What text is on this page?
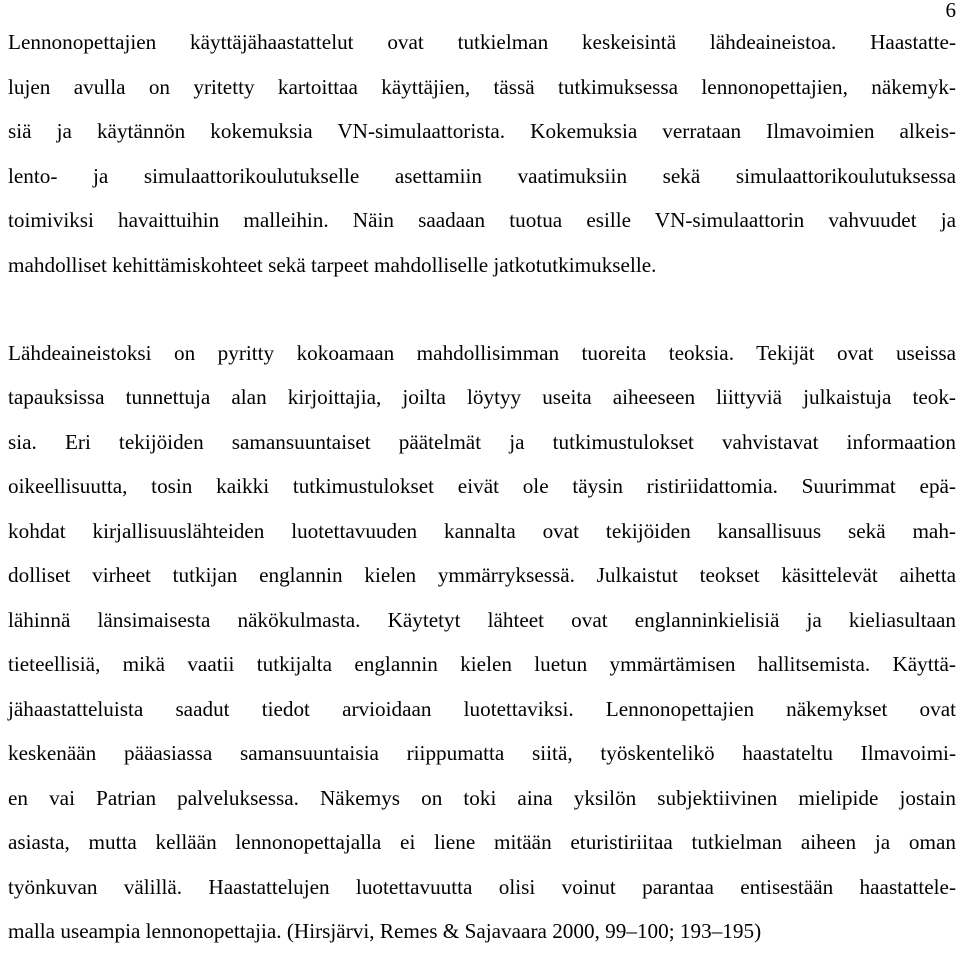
6
Lennonopettajien käyttäjähaastattelut ovat tutkielman keskeisintä lähdeaineistoa. Haastatte-
lujen avulla on yritetty kartoittaa käyttäjien, tässä tutkimuksessa lennonopettajien, näkemyk-
siä ja käytännön kokemuksia VN-simulaattorista. Kokemuksia verrataan Ilmavoimien alkeis-
lento- ja simulaattorikoulutukselle asettamiin vaatimuksiin sekä simulaattorikoulutuksessa
toimiviksi havaittuihin malleihin. Näin saadaan tuotua esille VN-simulaattorin vahvuudet ja
mahdolliset kehittämiskohteet sekä tarpeet mahdolliselle jatkotutkimukselle.
Lähdeaineistoksi on pyritty kokoamaan mahdollisimman tuoreita teoksia. Tekijät ovat useissa
tapauksissa tunnettuja alan kirjoittajia, joilta löytyy useita aiheeseen liittyviä julkaistuja teok-
sia. Eri tekijöiden samansuuntaiset päätelmät ja tutkimustulokset vahvistavat informaation
oikeellisuutta, tosin kaikki tutkimustulokset eivät ole täysin ristiriidattomia. Suurimmat epä-
kohdat kirjallisuuslähteiden luotettavuuden kannalta ovat tekijöiden kansallisuus sekä mah-
dolliset virheet tutkijan englannin kielen ymmärryksessä. Julkaistut teokset käsittelevät aihetta
lähinnä länsimaisesta näkökulmasta. Käytetyt lähteet ovat englanninkielisiä ja kieliasultaan
tieteellisiä, mikä vaatii tutkijalta englannin kielen luetun ymmärtämisen hallitsemista. Käyttä-
jähaastatteluista saadut tiedot arvioidaan luotettaviksi. Lennonopettajien näkemykset ovat
keskenään pääasiassa samansuuntaisia riippumatta siitä, työskentelikö haastateltu Ilmavoimi-
en vai Patrian palveluksessa. Näkemys on toki aina yksilön subjektiivinen mielipide jostain
asiasta, mutta kellään lennonopettajalla ei liene mitään eturistiriitaa tutkielman aiheen ja oman
työnkuvan välillä. Haastattelujen luotettavuutta olisi voinut parantaa entisestään haastattele-
malla useampia lennonopettajia. (Hirsjärvi, Remes & Sajavaara 2000, 99–100; 193–195)
